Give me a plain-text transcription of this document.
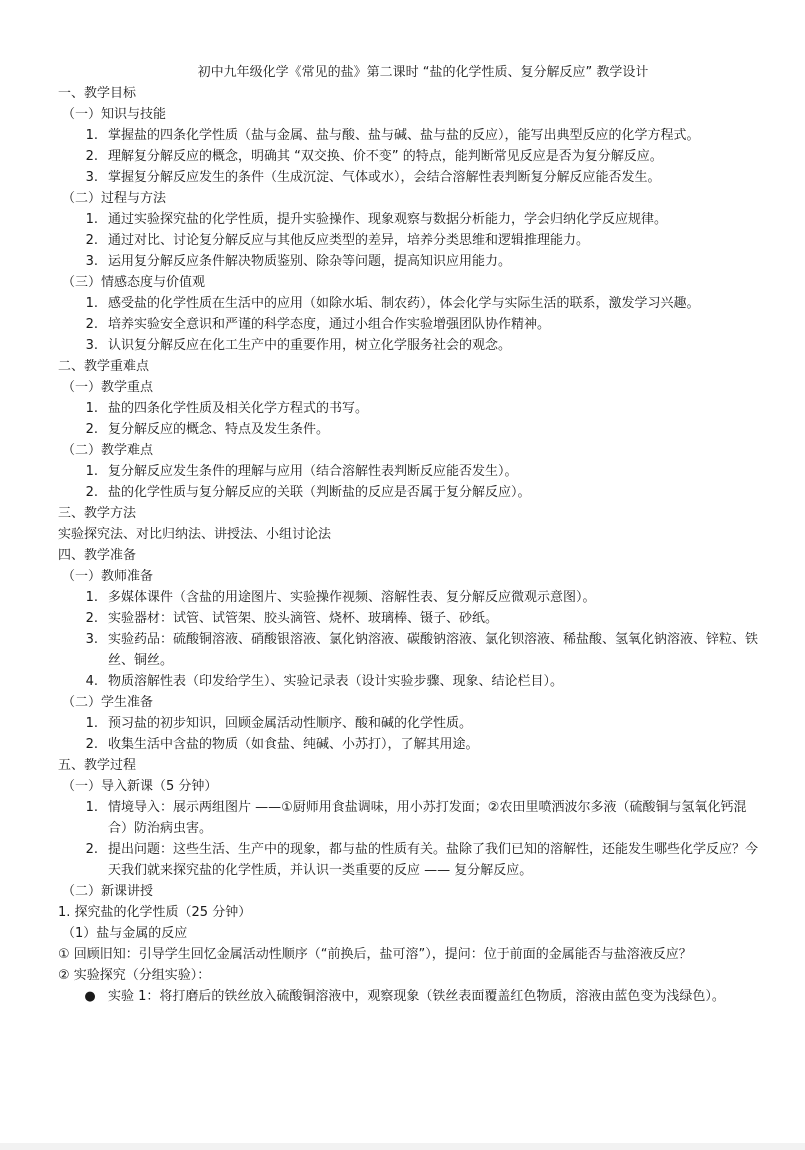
初中九年级化学《常见的盐》第二课时 “盐的化学性质、复分解反应” 教学设计
一、教学目标
（一）知识与技能
1. 掌握盐的四条化学性质（盐与金属、盐与酸、盐与碱、盐与盐的反应），能写出典型反应的化学方程式。
2. 理解复分解反应的概念，明确其 “双交换、价不变” 的特点，能判断常见反应是否为复分解反应。
3. 掌握复分解反应发生的条件（生成沉淀、气体或水），会结合溶解性表判断复分解反应能否发生。
（二）过程与方法
1. 通过实验探究盐的化学性质，提升实验操作、现象观察与数据分析能力，学会归纳化学反应规律。
2. 通过对比、讨论复分解反应与其他反应类型的差异，培养分类思维和逻辑推理能力。
3. 运用复分解反应条件解决物质鉴别、除杂等问题，提高知识应用能力。
（三）情感态度与价值观
1. 感受盐的化学性质在生活中的应用（如除水垢、制农药），体会化学与实际生活的联系，激发学习兴趣。
2. 培养实验安全意识和严谨的科学态度，通过小组合作实验增强团队协作精神。
3. 认识复分解反应在化工生产中的重要作用，树立化学服务社会的观念。
二、教学重难点
（一）教学重点
1. 盐的四条化学性质及相关化学方程式的书写。
2. 复分解反应的概念、特点及发生条件。
（二）教学难点
1. 复分解反应发生条件的理解与应用（结合溶解性表判断反应能否发生）。
2. 盐的化学性质与复分解反应的关联（判断盐的反应是否属于复分解反应）。
三、教学方法
实验探究法、对比归纳法、讲授法、小组讨论法
四、教学准备
（一）教师准备
1. 多媒体课件（含盐的用途图片、实验操作视频、溶解性表、复分解反应微观示意图）。
2. 实验器材：试管、试管架、胶头滴管、烧杯、玻璃棒、镊子、砂纸。
3. 实验药品：硫酸铜溶液、硝酸银溶液、氯化钠溶液、碳酸钠溶液、氯化钡溶液、稀盐酸、氢氧化钠溶液、锌粒、铁丝、铜丝。
4. 物质溶解性表（印发给学生）、实验记录表（设计实验步骤、现象、结论栏目）。
（二）学生准备
1. 预习盐的初步知识，回顾金属活动性顺序、酸和碱的化学性质。
2. 收集生活中含盐的物质（如食盐、纯碱、小苏打），了解其用途。
五、教学过程
（一）导入新课（5 分钟）
1. 情境导入：展示两组图片 ——①厨师用食盐调味，用小苏打发面；②农田里喷洒波尔多液（硫酸铜与氢氧化钙混合）防治病虫害。
2. 提出问题：这些生活、生产中的现象，都与盐的性质有关。盐除了我们已知的溶解性，还能发生哪些化学反应？今天我们就来探究盐的化学性质，并认识一类重要的反应 —— 复分解反应。
（二）新课讲授
1. 探究盐的化学性质（25 分钟）
（1）盐与金属的反应
① 回顾旧知：引导学生回忆金属活动性顺序（“前换后，盐可溶”），提问：位于前面的金属能否与盐溶液反应？
② 实验探究（分组实验）：
● 实验 1：将打磨后的铁丝放入硫酸铜溶液中，观察现象（铁丝表面覆盖红色物质，溶液由蓝色变为浅绿色）。
